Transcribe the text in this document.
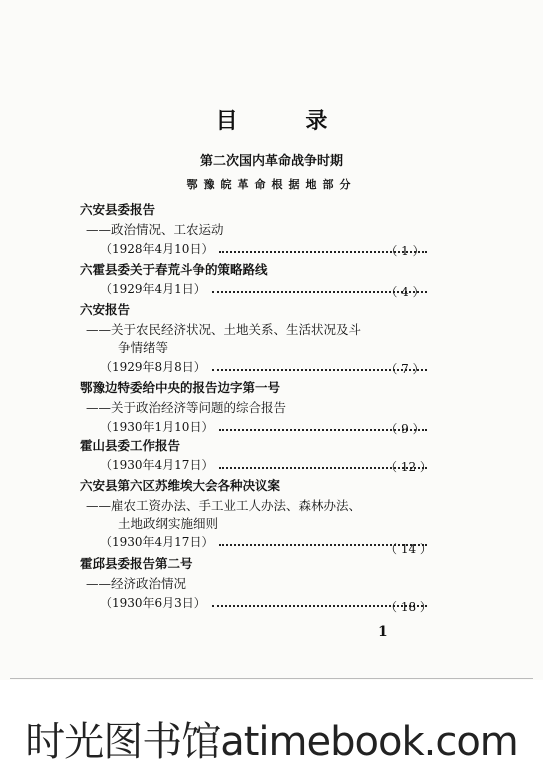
目 录
第二次国内革命战争时期
鄂豫皖革命根据地部分
六安县委报告
——政治情况、工农运动
（1928年4月10日）	（ 1 ）
六霍县委关于春荒斗争的策略路线
（1929年4月1日）	（ 4 ）
六安报告
——关于农民经济状况、土地关系、生活状况及斗
争情绪等
（1929年8月8日）	（ 7 ）
鄂豫边特委给中央的报告边字第一号
——关于政治经济等问题的综合报告
（1930年1月10日）	（ 9 ）
霍山县委工作报告
（1930年4月17日）	（ 12 ）
六安县第六区苏维埃大会各种决议案
——雇农工资办法、手工业工人办法、森林办法、
土地政纲实施细则
（1930年4月17日）	（ 14 ）
霍邱县委报告第二号
——经济政治情况
（1930年6月3日）	（ 18 ）
1
时光图书馆atimebook.com
